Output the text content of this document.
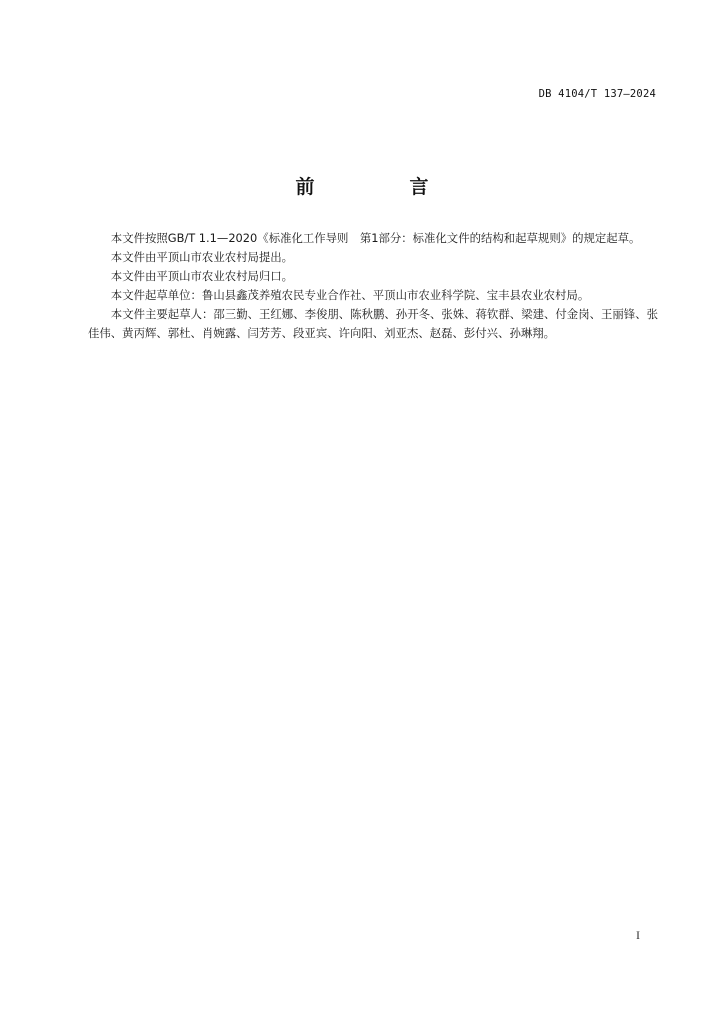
DB 4104/T 137—2024
前　言

本文件按照GB/T 1.1—2020《标准化工作导则　第1部分：标准化文件的结构和起草规则》的规定起草。

本文件由平顶山市农业农村局提出。

本文件由平顶山市农业农村局归口。

本文件起草单位：鲁山县鑫茂养殖农民专业合作社、平顶山市农业科学院、宝丰县农业农村局。

本文件主要起草人：邵三勤、王红娜、李俊朋、陈秋鹏、孙开冬、张姝、蒋钦群、梁建、付金岗、王丽锋、张佳伟、黄丙辉、郭杜、肖婉露、闫芳芳、段亚宾、许向阳、刘亚杰、赵磊、彭付兴、孙琳翔。

I
